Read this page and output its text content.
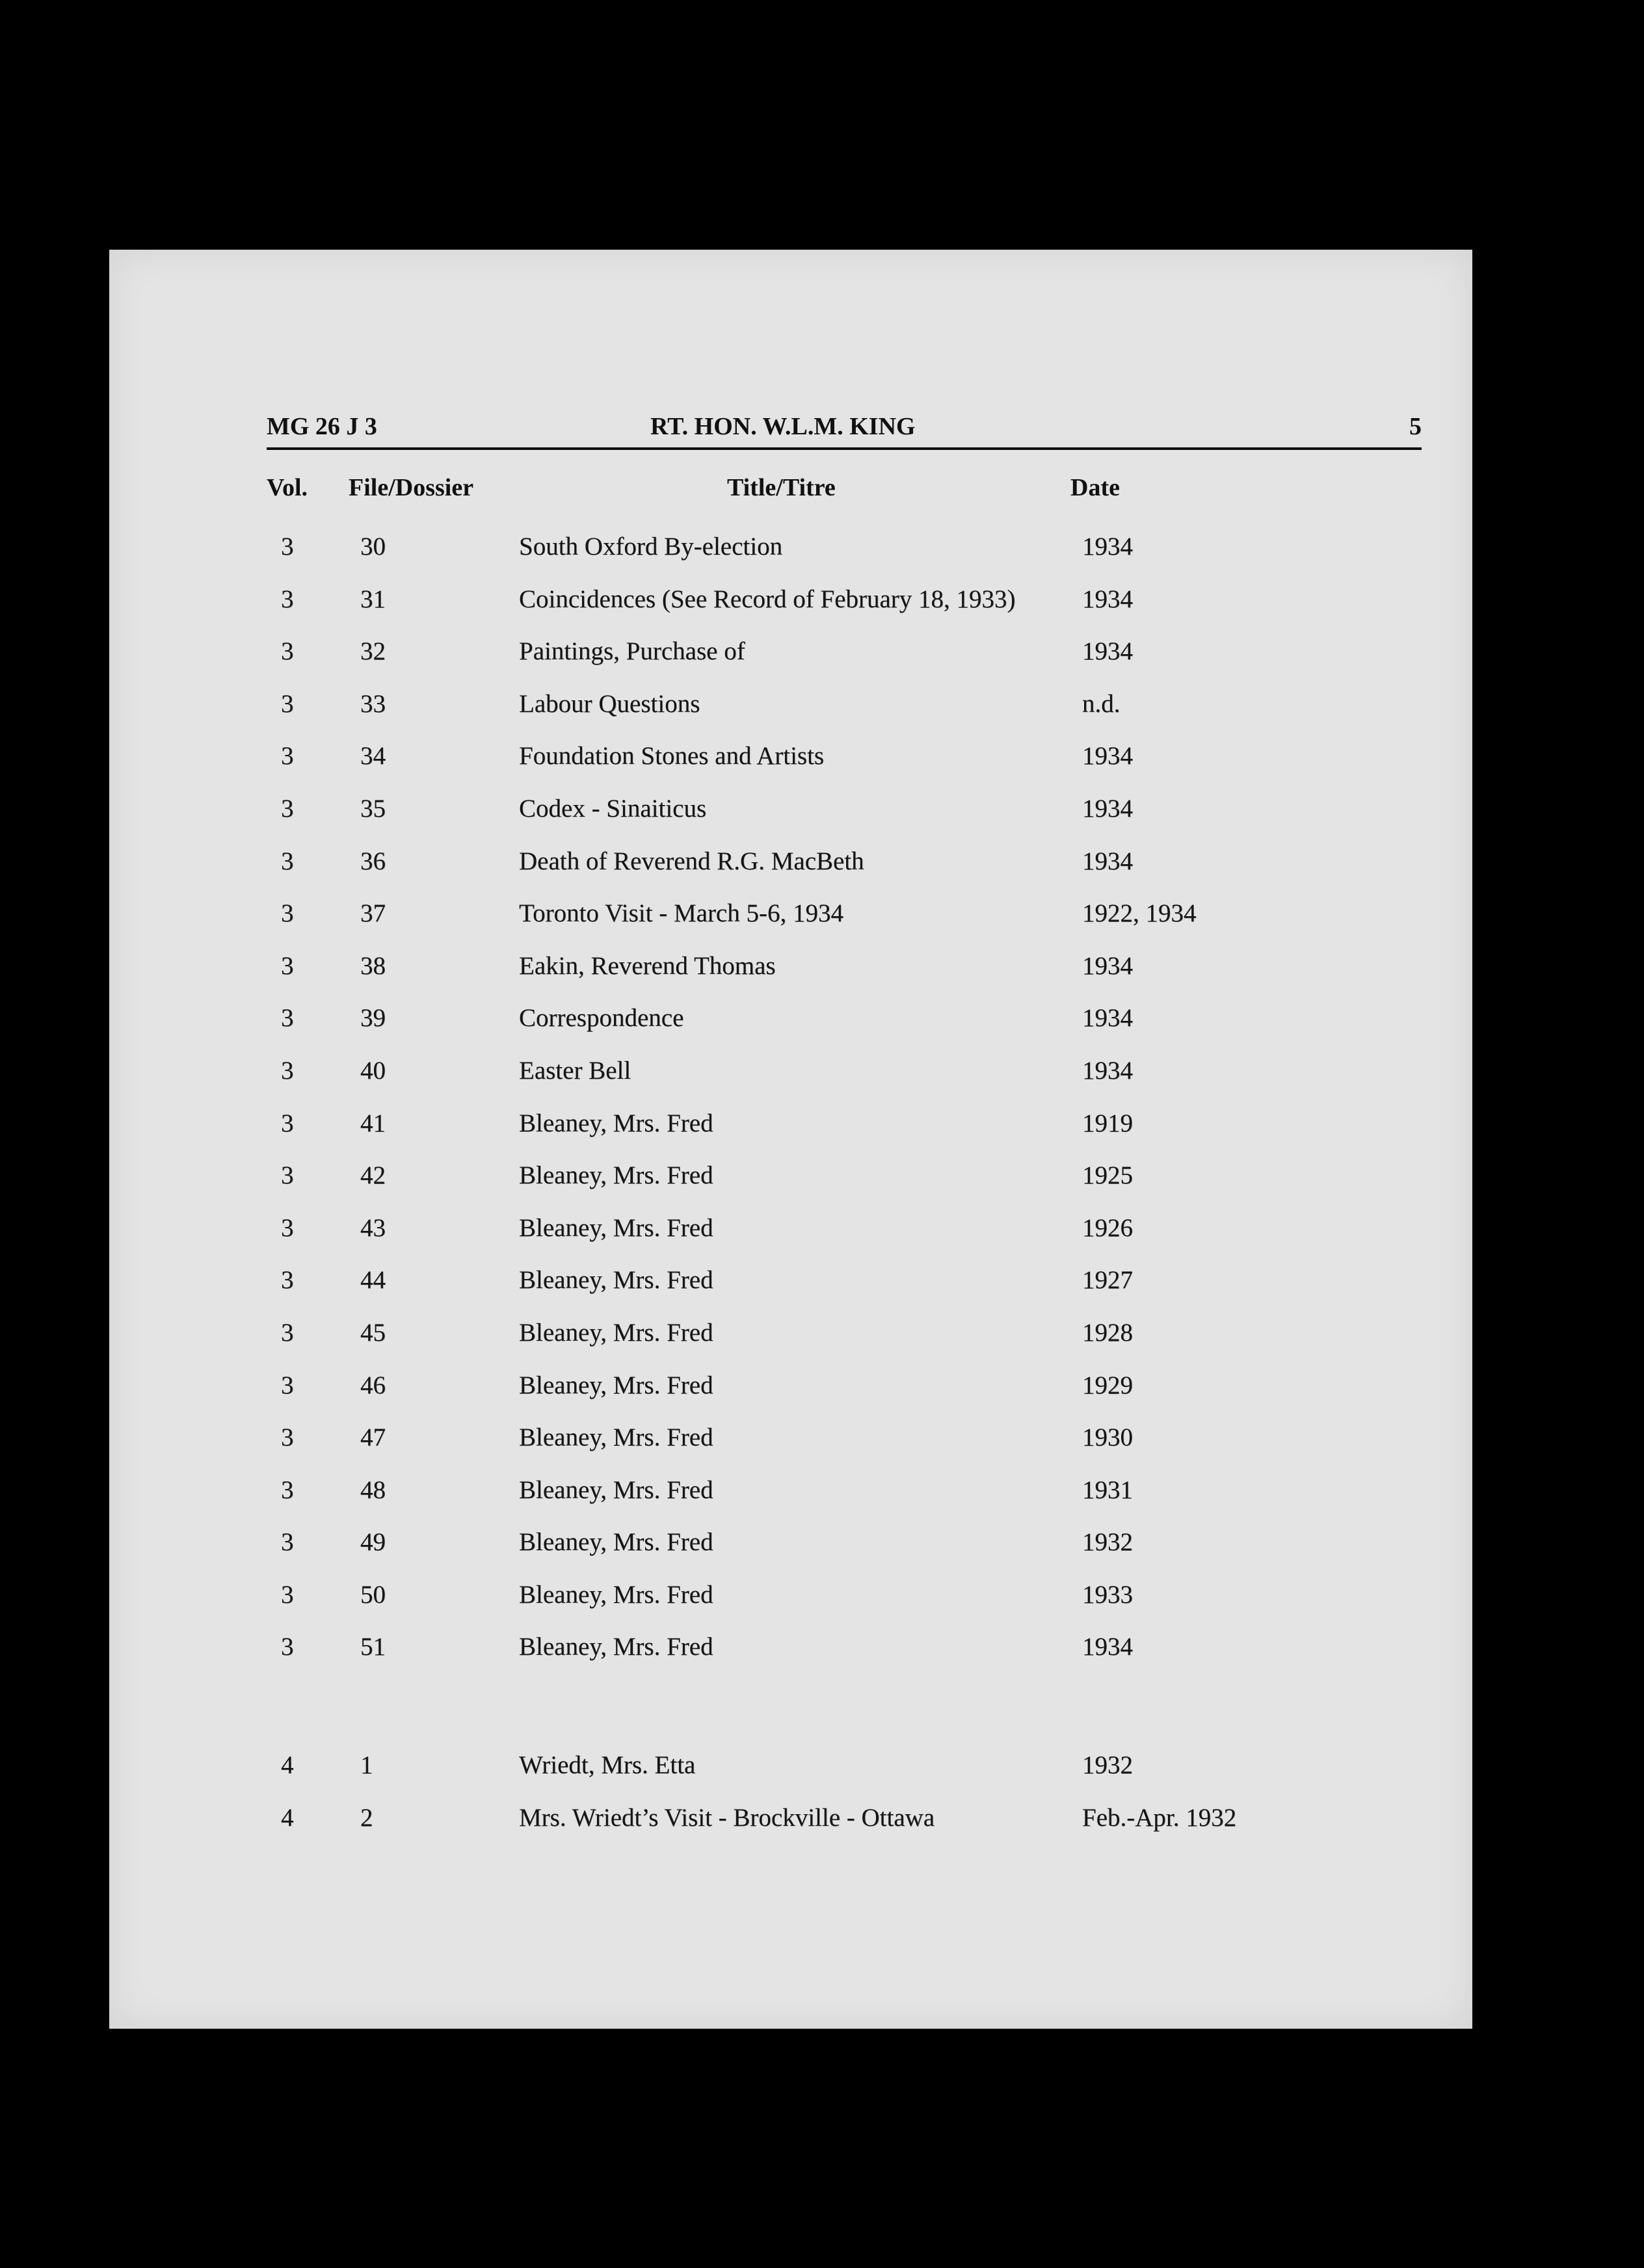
MG 26 J 3	RT. HON. W.L.M. KING	5
Vol. File/Dossier	Title/Titre	Date
3	30	South Oxford By-election	1934
3	31	Coincidences (See Record of February 18, 1933)	1934
3	32	Paintings, Purchase of	1934
3	33	Labour Questions	n.d.
3	34	Foundation Stones and Artists	1934
3	35	Codex - Sinaiticus	1934
3	36	Death of Reverend R.G. MacBeth	1934
3	37	Toronto Visit - March 5-6, 1934	1922, 1934
3	38	Eakin, Reverend Thomas	1934
3	39	Correspondence	1934
3	40	Easter Bell	1934
3	41	Bleaney, Mrs. Fred	1919
3	42	Bleaney, Mrs. Fred	1925
3	43	Bleaney, Mrs. Fred	1926
3	44	Bleaney, Mrs. Fred	1927
3	45	Bleaney, Mrs. Fred	1928
3	46	Bleaney, Mrs. Fred	1929
3	47	Bleaney, Mrs. Fred	1930
3	48	Bleaney, Mrs. Fred	1931
3	49	Bleaney, Mrs. Fred	1932
3	50	Bleaney, Mrs. Fred	1933
3	51	Bleaney, Mrs. Fred	1934
4	1	Wriedt, Mrs. Etta	1932
4	2	Mrs. Wriedt’s Visit - Brockville - Ottawa	Feb.-Apr. 1932
